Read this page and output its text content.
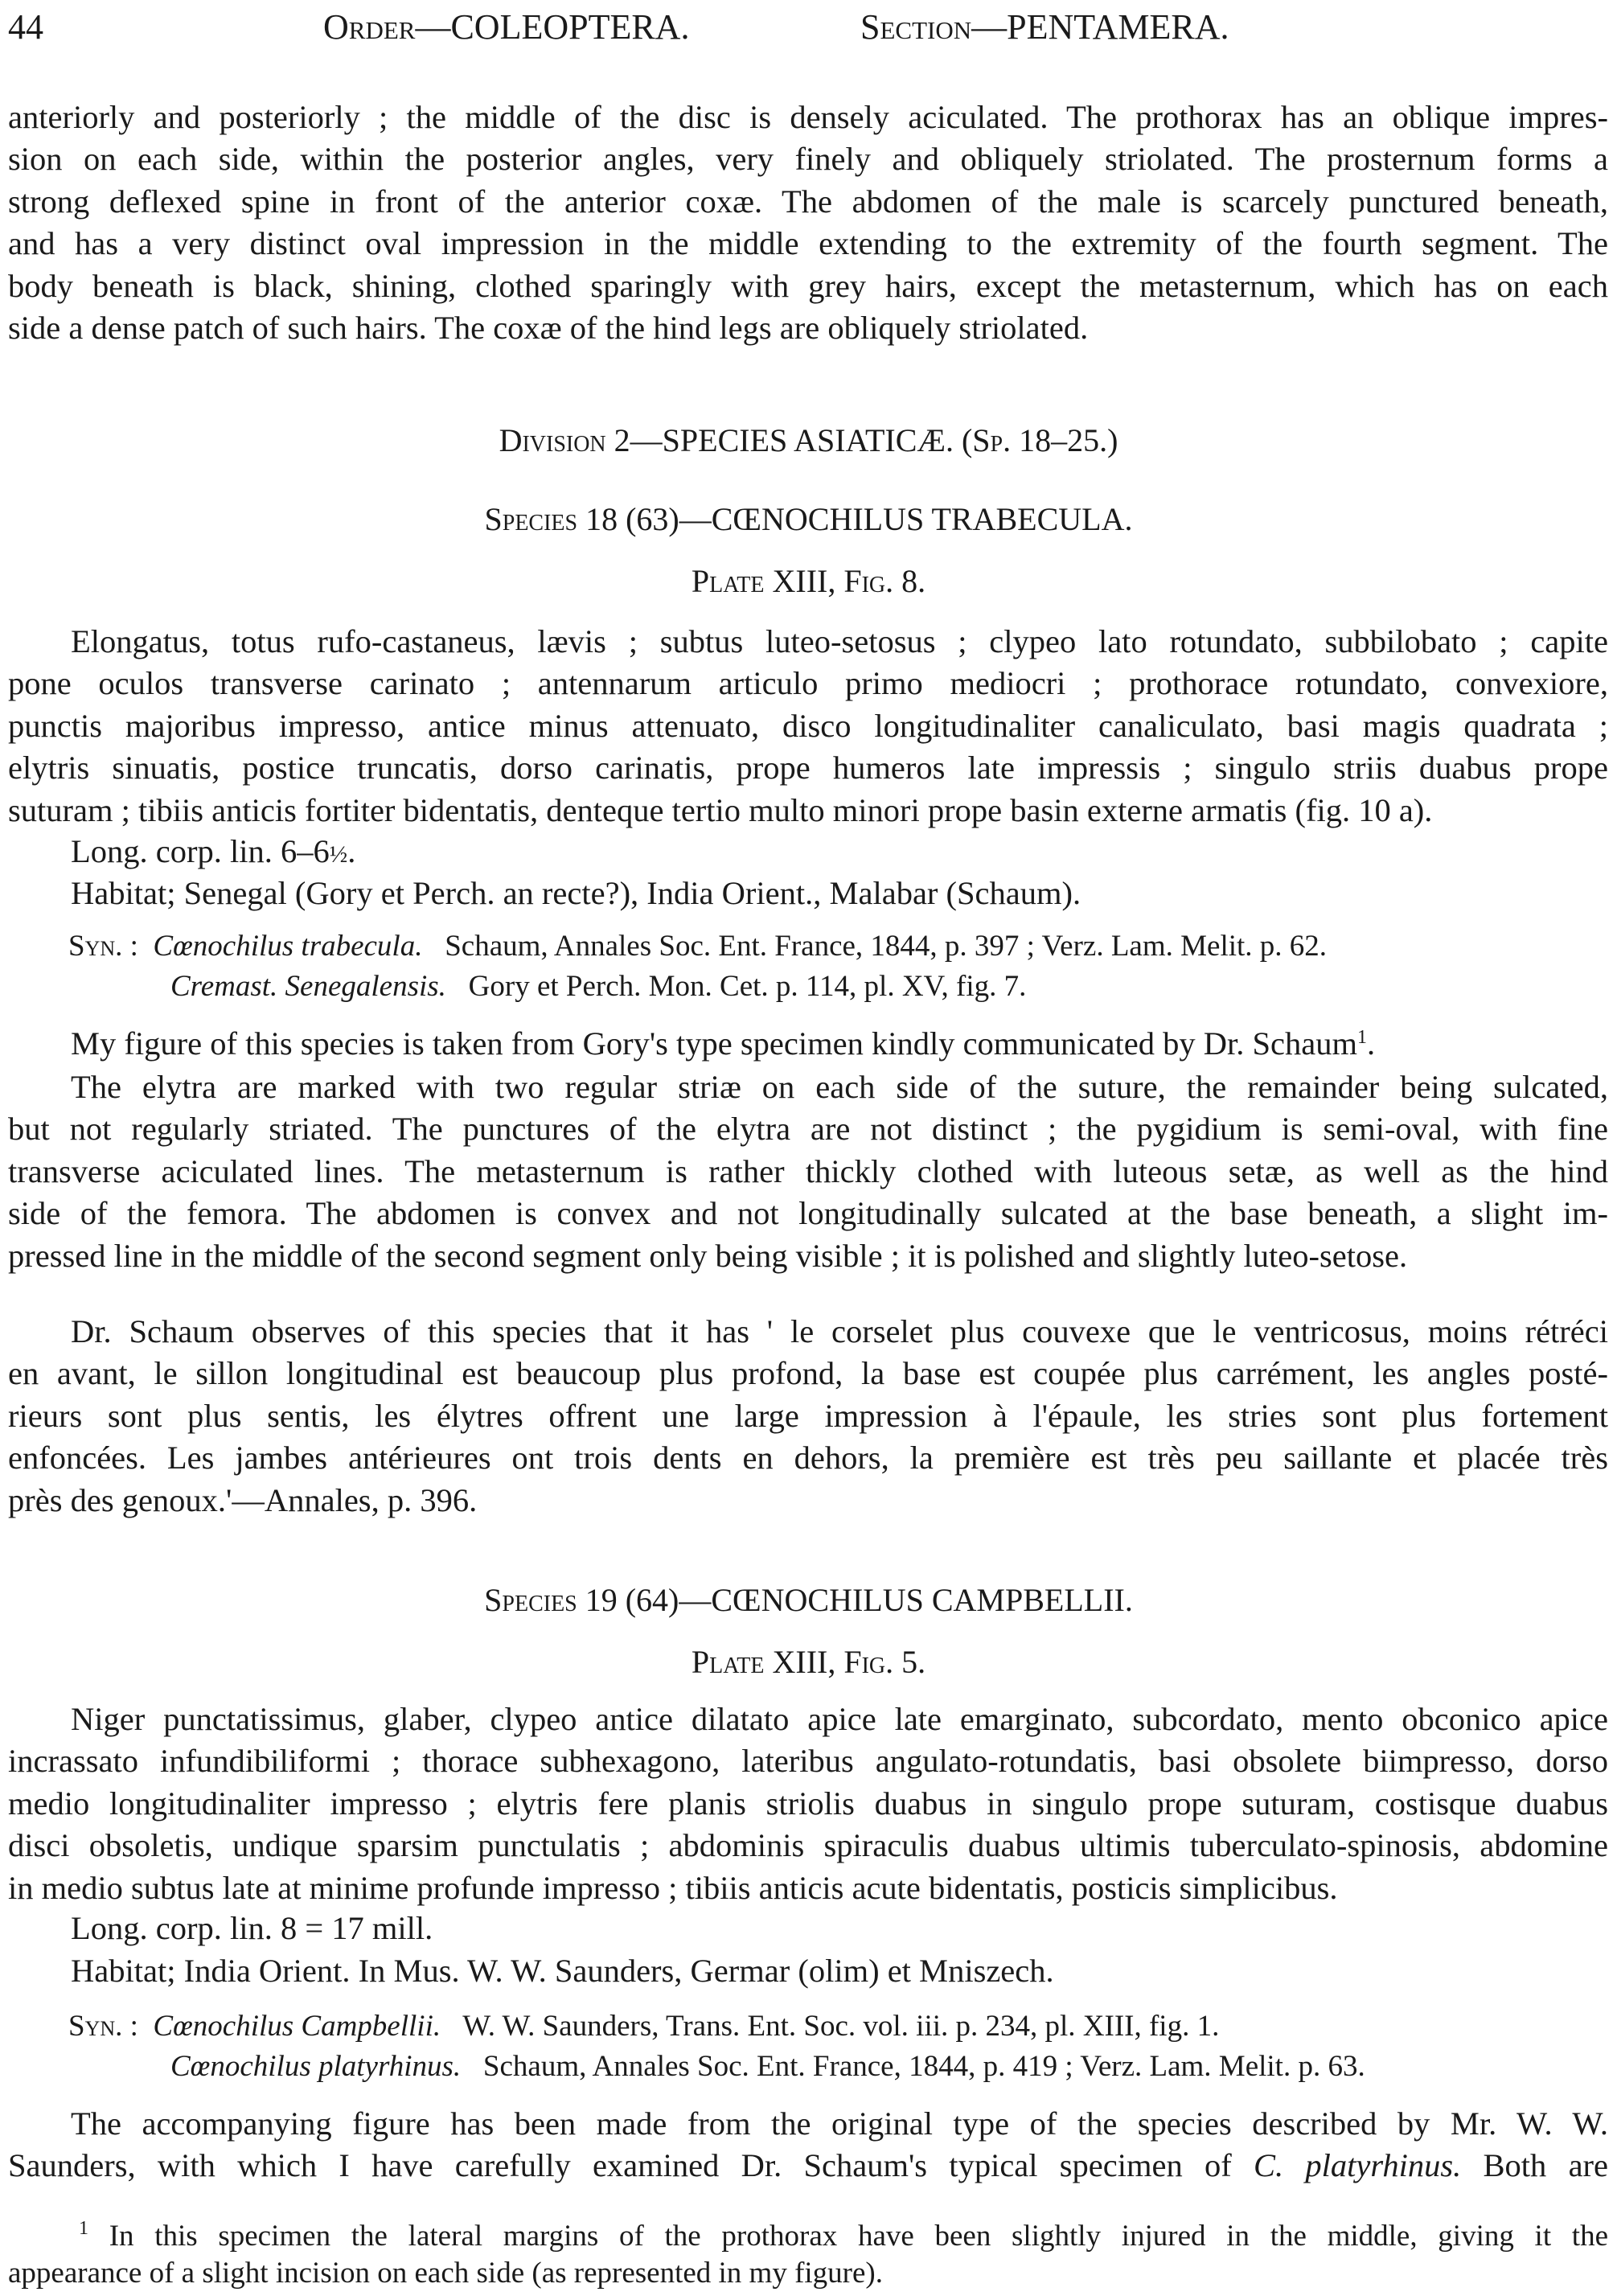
44	Order—COLEOPTERA.	Section—PENTAMERA.
anteriorly and posteriorly ; the middle of the disc is densely aciculated. The prothorax has an oblique impres-
sion on each side, within the posterior angles, very finely and obliquely striolated. The prosternum forms a
strong deflexed spine in front of the anterior coxæ. The abdomen of the male is scarcely punctured beneath,
and has a very distinct oval impression in the middle extending to the extremity of the fourth segment. The
body beneath is black, shining, clothed sparingly with grey hairs, except the metasternum, which has on each
side a dense patch of such hairs. The coxæ of the hind legs are obliquely striolated.
Division 2—SPECIES ASIATICÆ. (Sp. 18–25.)
Species 18 (63)—CŒNOCHILUS TRABECULA.
Plate XIII, Fig. 8.
Elongatus, totus rufo-castaneus, lævis ; subtus luteo-setosus ; clypeo lato rotundato, subbilobato ; capite
pone oculos transverse carinato ; antennarum articulo primo mediocri ; prothorace rotundato, convexiore,
punctis majoribus impresso, antice minus attenuato, disco longitudinaliter canaliculato, basi magis quadrata ;
elytris sinuatis, postice truncatis, dorso carinatis, prope humeros late impressis ; singulo striis duabus prope
suturam ; tibiis anticis fortiter bidentatis, denteque tertio multo minori prope basin externe armatis (fig. 10 a).
Long. corp. lin. 6–6½.
Habitat; Senegal (Gory et Perch. an recte?), India Orient., Malabar (Schaum).
Syn. : Cœnochilus trabecula. Schaum, Annales Soc. Ent. France, 1844, p. 397 ; Verz. Lam. Melit. p. 62.
Cremast. Senegalensis. Gory et Perch. Mon. Cet. p. 114, pl. XV, fig. 7.
My figure of this species is taken from Gory's type specimen kindly communicated by Dr. Schaum$^1$.
The elytra are marked with two regular striæ on each side of the suture, the remainder being sulcated,
but not regularly striated. The punctures of the elytra are not distinct ; the pygidium is semi-oval, with fine
transverse aciculated lines. The metasternum is rather thickly clothed with luteous setæ, as well as the hind
side of the femora. The abdomen is convex and not longitudinally sulcated at the base beneath, a slight im-
pressed line in the middle of the second segment only being visible ; it is polished and slightly luteo-setose.
Dr. Schaum observes of this species that it has ' le corselet plus couvexe que le ventricosus, moins rétréci
en avant, le sillon longitudinal est beaucoup plus profond, la base est coupée plus carrément, les angles posté-
rieurs sont plus sentis, les élytres offrent une large impression à l'épaule, les stries sont plus fortement
enfoncées. Les jambes antérieures ont trois dents en dehors, la première est très peu saillante et placée très
près des genoux.'—Annales, p. 396.
Species 19 (64)—CŒNOCHILUS CAMPBELLII.
Plate XIII, Fig. 5.
Niger punctatissimus, glaber, clypeo antice dilatato apice late emarginato, subcordato, mento obconico apice
incrassato infundibiliformi ; thorace subhexagono, lateribus angulato-rotundatis, basi obsolete biimpresso, dorso
medio longitudinaliter impresso ; elytris fere planis striolis duabus in singulo prope suturam, costisque duabus
disci obsoletis, undique sparsim punctulatis ; abdominis spiraculis duabus ultimis tuberculato-spinosis, abdomine
in medio subtus late at minime profunde impresso ; tibiis anticis acute bidentatis, posticis simplicibus.
Long. corp. lin. 8 = 17 mill.
Habitat; India Orient. In Mus. W. W. Saunders, Germar (olim) et Mniszech.
Syn. : Cœnochilus Campbellii. W. W. Saunders, Trans. Ent. Soc. vol. iii. p. 234, pl. XIII, fig. 1.
Cœnochilus platyrhinus. Schaum, Annales Soc. Ent. France, 1844, p. 419 ; Verz. Lam. Melit. p. 63.
The accompanying figure has been made from the original type of the species described by Mr. W. W.
Saunders, with which I have carefully examined Dr. Schaum's typical specimen of C. platyrhinus. Both are
$^1$ In this specimen the lateral margins of the prothorax have been slightly injured in the middle, giving it the
appearance of a slight incision on each side (as represented in my figure).
